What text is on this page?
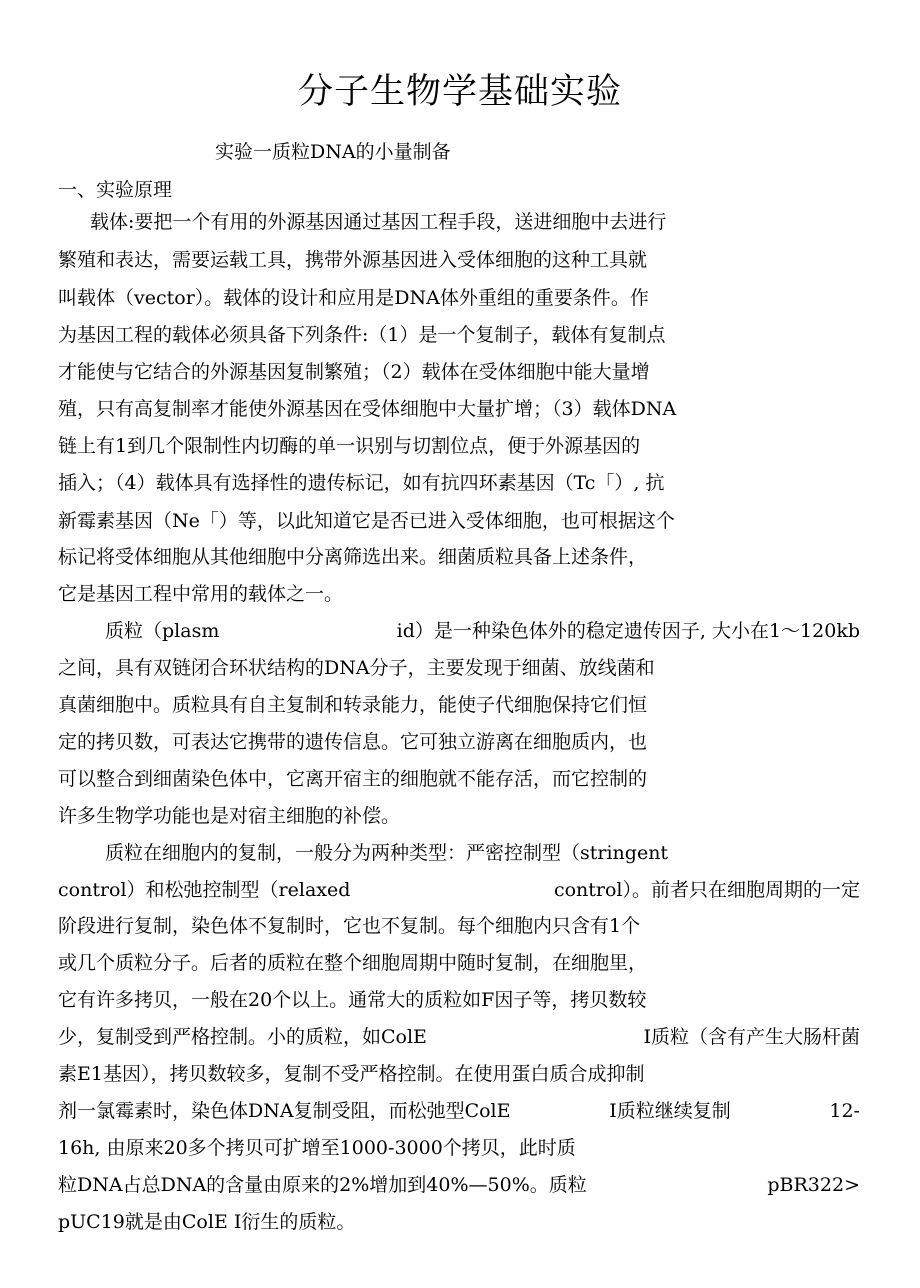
分子生物学基础实验
实验一质粒DNA的小量制备
一、实验原理
载体:要把一个有用的外源基因通过基因工程手段，送进细胞中去进行
繁殖和表达，需要运载工具，携带外源基因进入受体细胞的这种工具就
叫载体（vector）。载体的设计和应用是DNA体外重组的重要条件。作
为基因工程的载体必须具备下列条件:（1）是一个复制子，载体有复制点
才能使与它结合的外源基因复制繁殖；（2）载体在受体细胞中能大量增
殖，只有高复制率才能使外源基因在受体细胞中大量扩增；（3）载体DNA
链上有1到几个限制性内切酶的单一识别与切割位点，便于外源基因的
插入；（4）载体具有选择性的遗传标记，如有抗四环素基因（Tc「）, 抗
新霉素基因（Ne「）等，以此知道它是否已进入受体细胞，也可根据这个
标记将受体细胞从其他细胞中分离筛选出来。细菌质粒具备上述条件，
它是基因工程中常用的载体之一。
质粒（plasm	id）是一种染色体外的稳定遗传因子, 大小在1～120kb
之间，具有双链闭合环状结构的DNA分子，主要发现于细菌、放线菌和
真菌细胞中。质粒具有自主复制和转录能力，能使子代细胞保持它们恒
定的拷贝数，可表达它携带的遗传信息。它可独立游离在细胞质内，也
可以整合到细菌染色体中，它离开宿主的细胞就不能存活，而它控制的
许多生物学功能也是对宿主细胞的补偿。
质粒在细胞内的复制，一般分为两种类型：严密控制型（stringent
control）和松弛控制型（relaxed	control）。前者只在细胞周期的一定
阶段进行复制，染色体不复制时，它也不复制。每个细胞内只含有1个
或几个质粒分子。后者的质粒在整个细胞周期中随时复制，在细胞里，
它有许多拷贝，一般在20个以上。通常大的质粒如F因子等，拷贝数较
少，复制受到严格控制。小的质粒，如ColE	I质粒（含有产生大肠杆菌
素E1基因），拷贝数较多，复制不受严格控制。在使用蛋白质合成抑制
剂一氯霉素时，染色体DNA复制受阻，而松弛型ColE	I质粒继续复制	12-
16h, 由原来20多个拷贝可扩增至1000-3000个拷贝，此时质
粒DNA占总DNA的含量由原来的2%增加到40%—50%。质粒	pBR322>
pUC19就是由ColE I衍生的质粒。
